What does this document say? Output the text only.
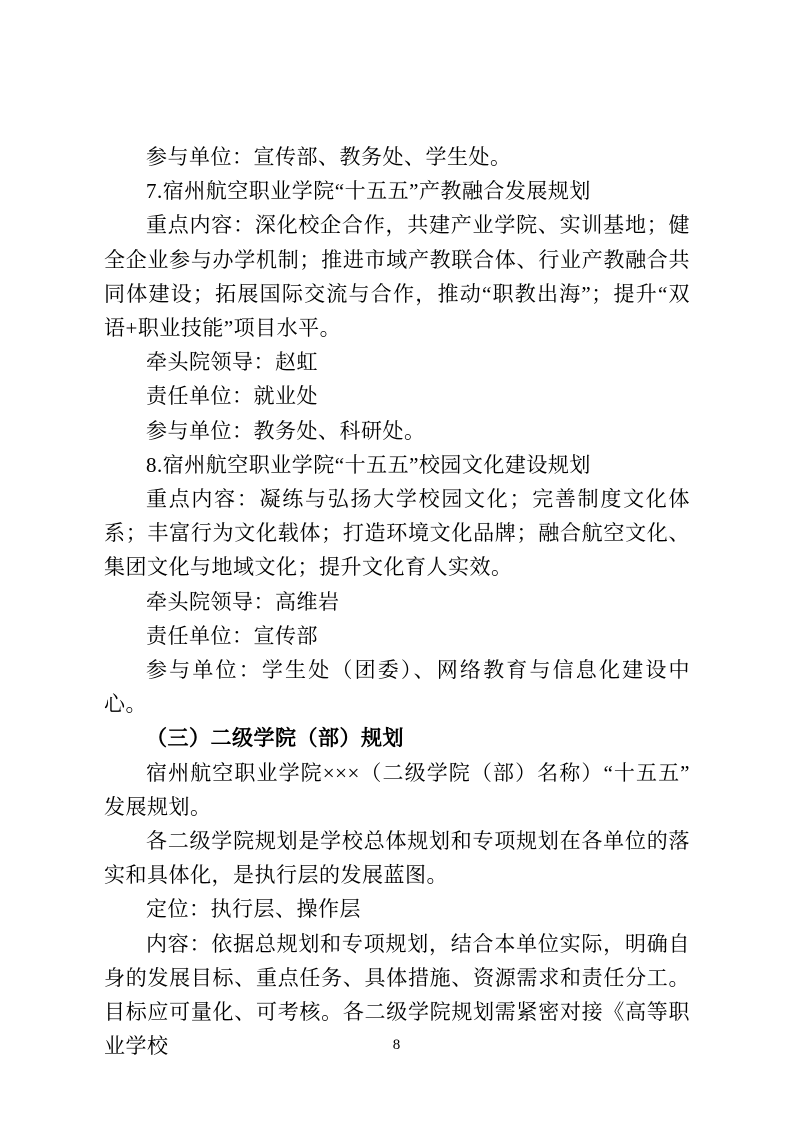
参与单位：宣传部、教务处、学生处。

7.宿州航空职业学院“十五五”产教融合发展规划

重点内容：深化校企合作，共建产业学院、实训基地；健全企业参与办学机制；推进市域产教联合体、行业产教融合共同体建设；拓展国际交流与合作，推动“职教出海”；提升“双语+职业技能”项目水平。

牵头院领导：赵虹

责任单位：就业处

参与单位：教务处、科研处。

8.宿州航空职业学院“十五五”校园文化建设规划

重点内容：凝练与弘扬大学校园文化；完善制度文化体系；丰富行为文化载体；打造环境文化品牌；融合航空文化、集团文化与地域文化；提升文化育人实效。

牵头院领导：高维岩

责任单位：宣传部

参与单位：学生处（团委）、网络教育与信息化建设中心。

（三）二级学院（部）规划

宿州航空职业学院×××（二级学院（部）名称）“十五五”发展规划。

各二级学院规划是学校总体规划和专项规划在各单位的落实和具体化，是执行层的发展蓝图。

定位：执行层、操作层

内容：依据总规划和专项规划，结合本单位实际，明确自身的发展目标、重点任务、具体措施、资源需求和责任分工。目标应可量化、可考核。各二级学院规划需紧密对接《高等职业学校	8
